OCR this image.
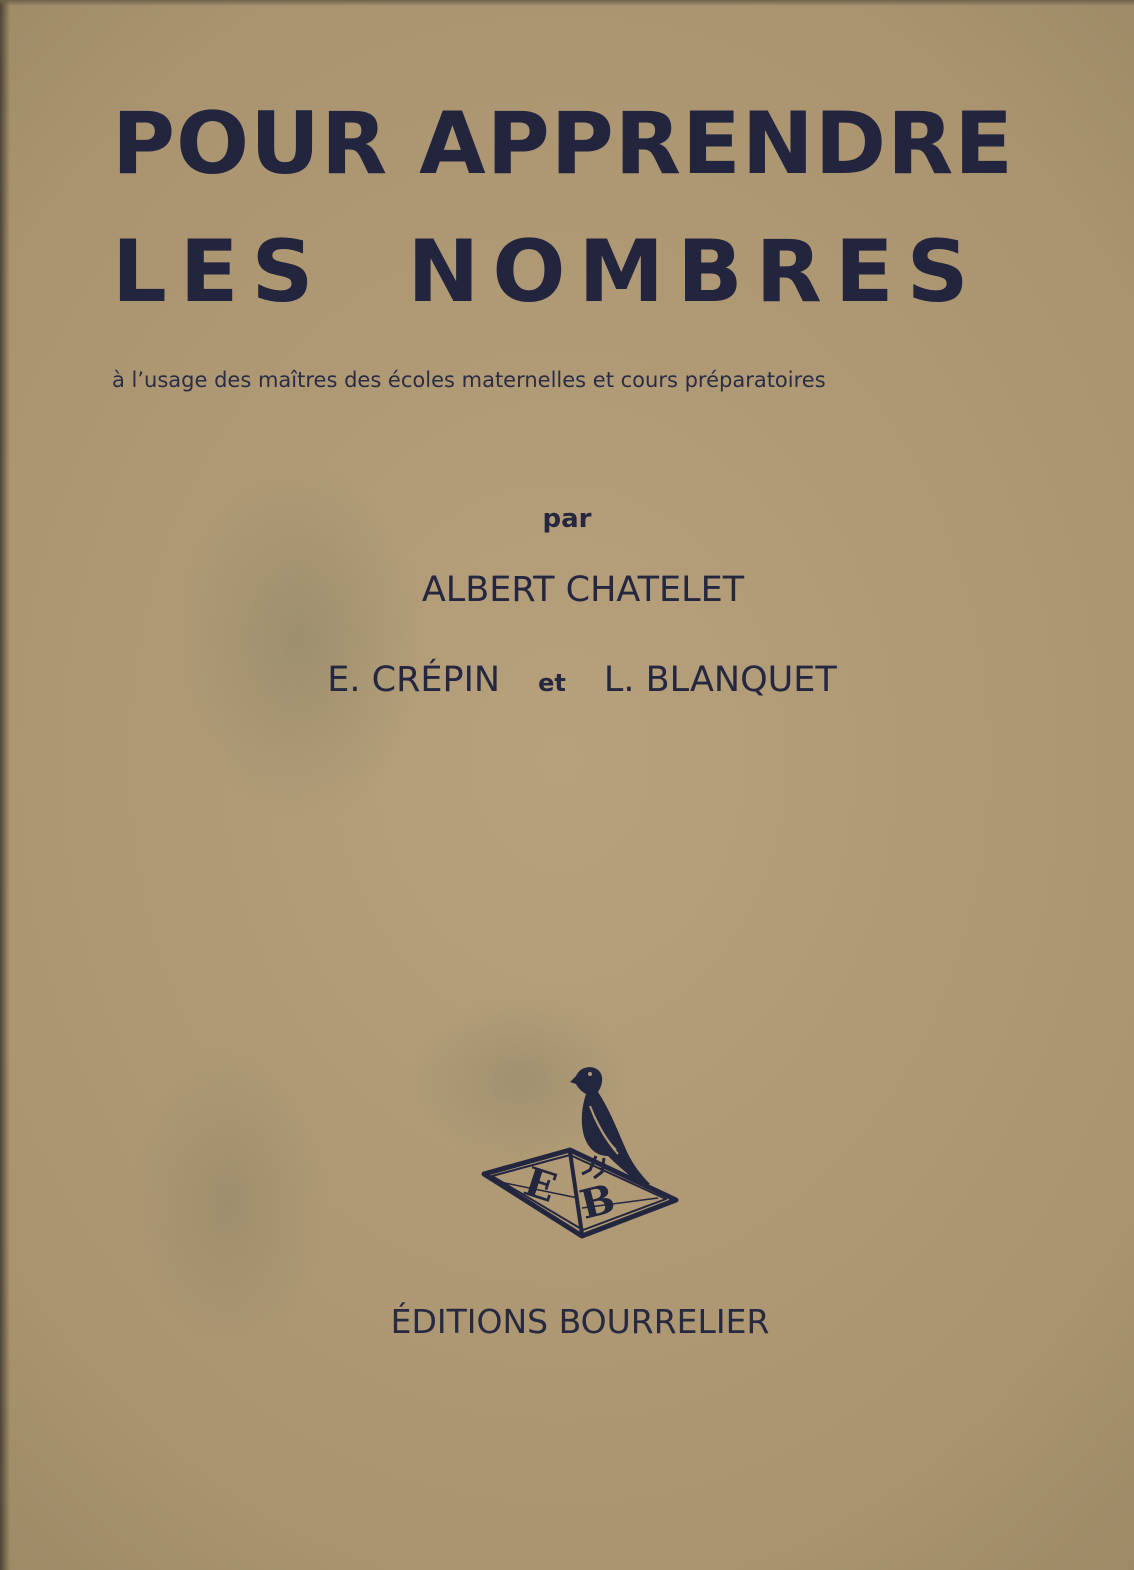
POUR APPRENDRE
LES NOMBRES
à l’usage des maîtres des écoles maternelles et cours préparatoires
par
ALBERT CHATELET
E. CRÉPIN et L. BLANQUET
E B
ÉDITIONS BOURRELIER
